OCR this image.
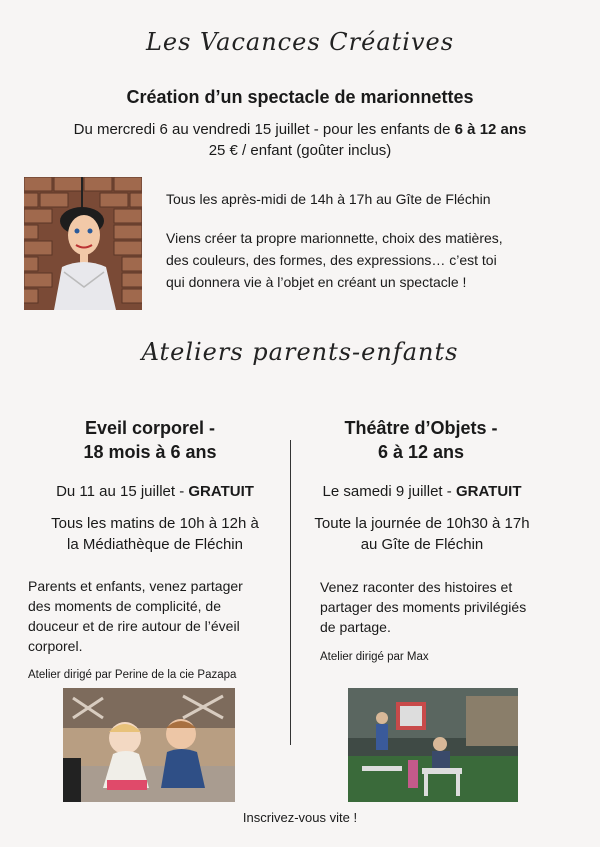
Les Vacances Créatives
Création d’un spectacle de marionnettes
Du mercredi 6 au vendredi 15 juillet - pour les enfants de 6 à 12 ans
25 € / enfant (goûter inclus)
Tous les après-midi de 14h à 17h au Gîte de Fléchin
Viens créer ta propre marionnette, choix des matières,
des couleurs, des formes, des expressions… c’est toi
qui donnera vie à l’objet en créant un spectacle !
Ateliers parents-enfants
Eveil corporel -
18 mois à 6 ans
Du 11 au 15 juillet - GRATUIT
Tous les matins de 10h à 12h à
la Médiathèque de Fléchin
Parents et enfants, venez partager
des moments de complicité, de
douceur et de rire autour de l’éveil
corporel.
Atelier dirigé par Perine de la cie Pazapa
Théâtre d’Objets -
6 à 12 ans
Le samedi 9 juillet - GRATUIT
Toute la journée de 10h30 à 17h
au Gîte de Fléchin
Venez raconter des histoires et
partager des moments privilégiés
de partage.
Atelier dirigé par Max
Inscrivez-vous vite !
